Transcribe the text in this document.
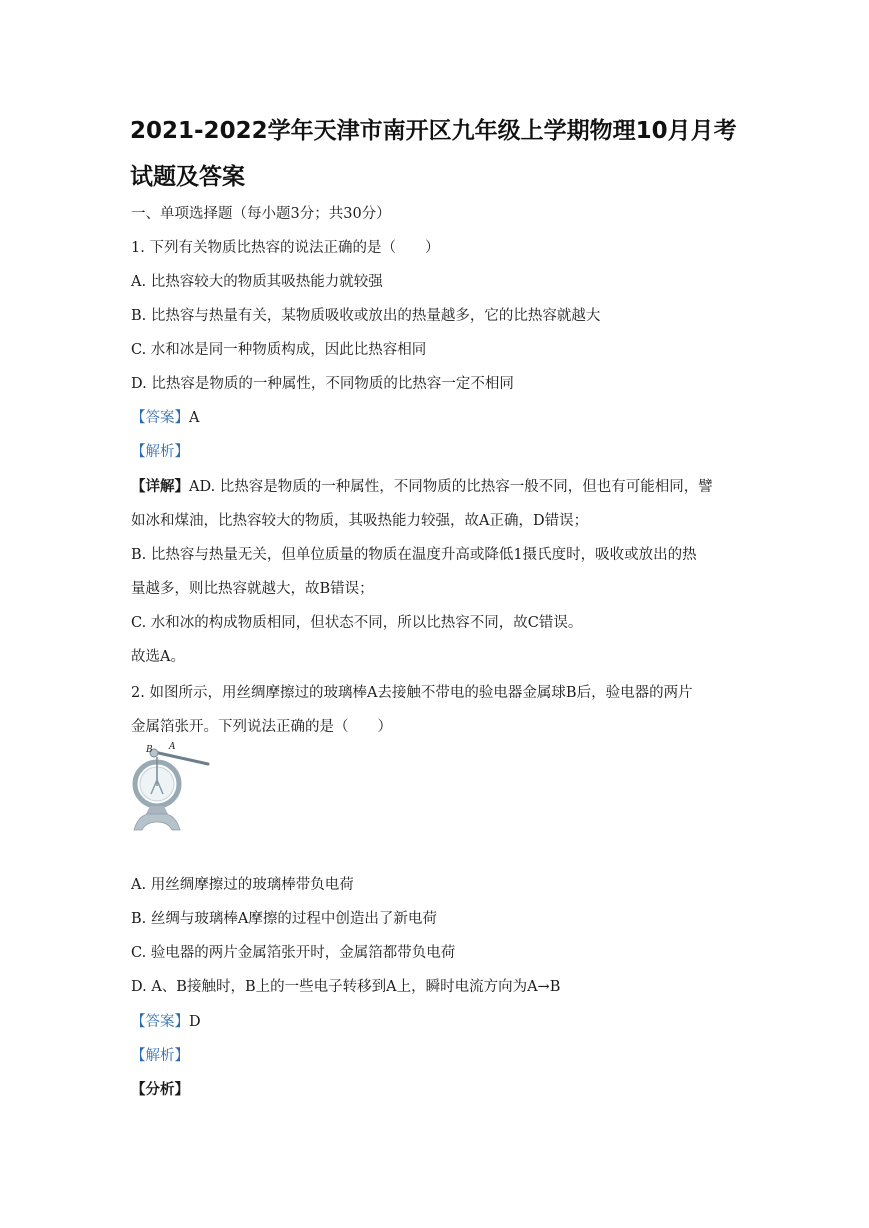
2021-2022学年天津市南开区九年级上学期物理10月月考
试题及答案

一、单项选择题（每小题3分；共30分）

1. 下列有关物质比热容的说法正确的是（　　）

A. 比热容较大的物质其吸热能力就较强

B. 比热容与热量有关，某物质吸收或放出的热量越多，它的比热容就越大

C. 水和冰是同一种物质构成，因此比热容相同

D. 比热容是物质的一种属性，不同物质的比热容一定不相同

【答案】A

【解析】

【详解】AD. 比热容是物质的一种属性，不同物质的比热容一般不同，但也有可能相同，譬

如冰和煤油，比热容较大的物质，其吸热能力较强，故A正确，D错误；

B. 比热容与热量无关，但单位质量的物质在温度升高或降低1摄氏度时，吸收或放出的热

量越多，则比热容就越大，故B错误；

C. 水和冰的构成物质相同，但状态不同，所以比热容不同，故C错误。

故选A。

2. 如图所示，用丝绸摩擦过的玻璃棒A去接触不带电的验电器金属球B后，验电器的两片

金属箔张开。下列说法正确的是（　　）

B A

A. 用丝绸摩擦过的玻璃棒带负电荷

B. 丝绸与玻璃棒A摩擦的过程中创造出了新电荷

C. 验电器的两片金属箔张开时，金属箔都带负电荷

D. A、B接触时，B上的一些电子转移到A上，瞬时电流方向为A→B

【答案】D

【解析】

【分析】
